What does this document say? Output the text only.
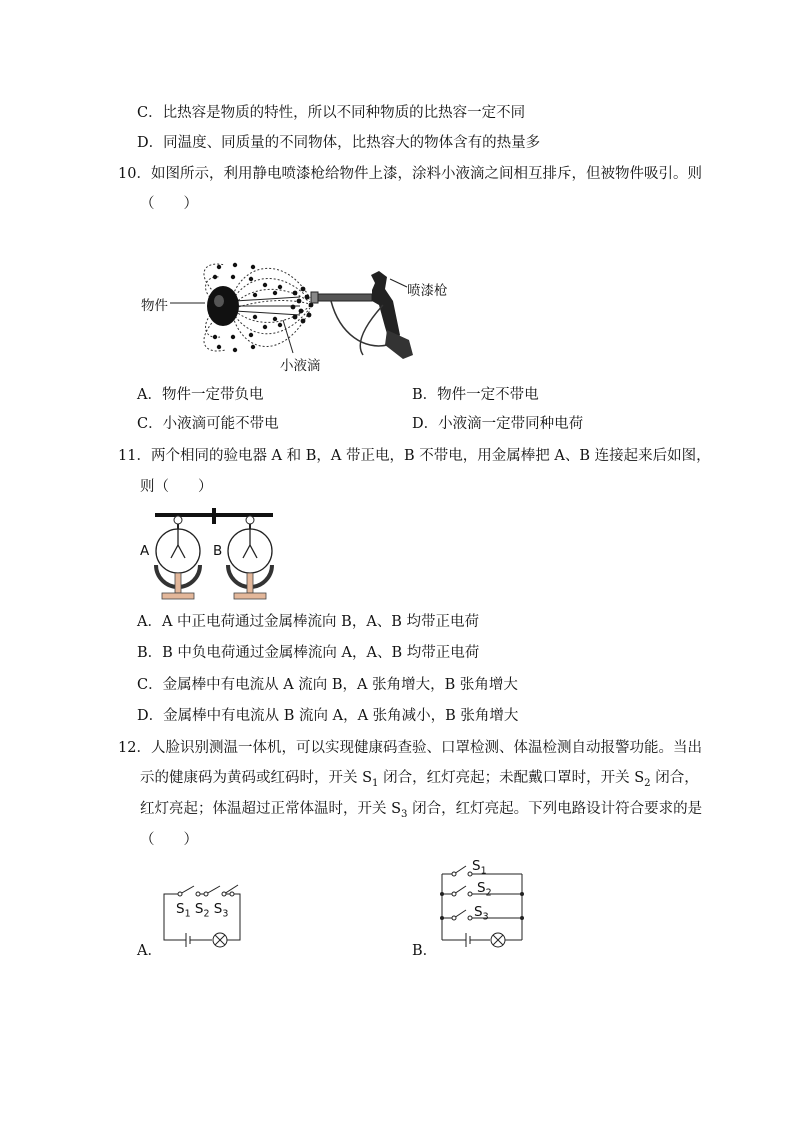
C．比热容是物质的特性，所以不同种物质的比热容一定不同
D．同温度、同质量的不同物体，比热容大的物体含有的热量多
10．如图所示，利用静电喷漆枪给物件上漆，涂料小液滴之间相互排斥，但被物件吸引。则
（　　）
物件
喷漆枪
小液滴
A．物件一定带负电	B．物件一定不带电
C．小液滴可能不带电	D．小液滴一定带同种电荷
11．两个相同的验电器 A 和 B，A 带正电，B 不带电，用金属棒把 A、B 连接起来后如图，
则（　　）
A	B
A．A 中正电荷通过金属棒流向 B，A、B 均带正电荷
B．B 中负电荷通过金属棒流向 A，A、B 均带正电荷
C．金属棒中有电流从 A 流向 B，A 张角增大，B 张角增大
D．金属棒中有电流从 B 流向 A，A 张角减小，B 张角增大
12．人脸识别测温一体机，可以实现健康码查验、口罩检测、体温检测自动报警功能。当出
示的健康码为黄码或红码时，开关 $S_1$ 闭合，红灯亮起；未配戴口罩时，开关 $S_2$ 闭合，
红灯亮起；体温超过正常体温时，开关 $S_3$ 闭合，红灯亮起。下列电路设计符合要求的是
（　　）
$S_1$ $S_2$ $S_3$
A．
$S_1$
$S_2$
$S_3$
B．
